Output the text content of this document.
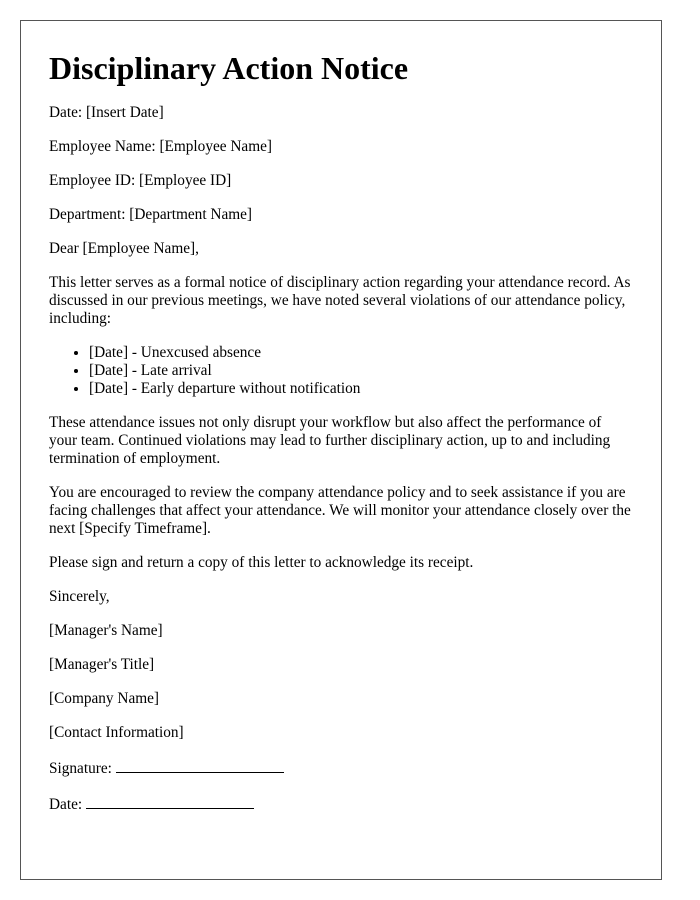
Disciplinary Action Notice

Date: [Insert Date]

Employee Name: [Employee Name]

Employee ID: [Employee ID]

Department: [Department Name]

Dear [Employee Name],

This letter serves as a formal notice of disciplinary action regarding your attendance record. As discussed in our previous meetings, we have noted several violations of our attendance policy, including:

• [Date] - Unexcused absence
• [Date] - Late arrival
• [Date] - Early departure without notification

These attendance issues not only disrupt your workflow but also affect the performance of your team. Continued violations may lead to further disciplinary action, up to and including termination of employment.

You are encouraged to review the company attendance policy and to seek assistance if you are facing challenges that affect your attendance. We will monitor your attendance closely over the next [Specify Timeframe].

Please sign and return a copy of this letter to acknowledge its receipt.

Sincerely,

[Manager's Name]

[Manager's Title]

[Company Name]

[Contact Information]

Signature:

Date:
